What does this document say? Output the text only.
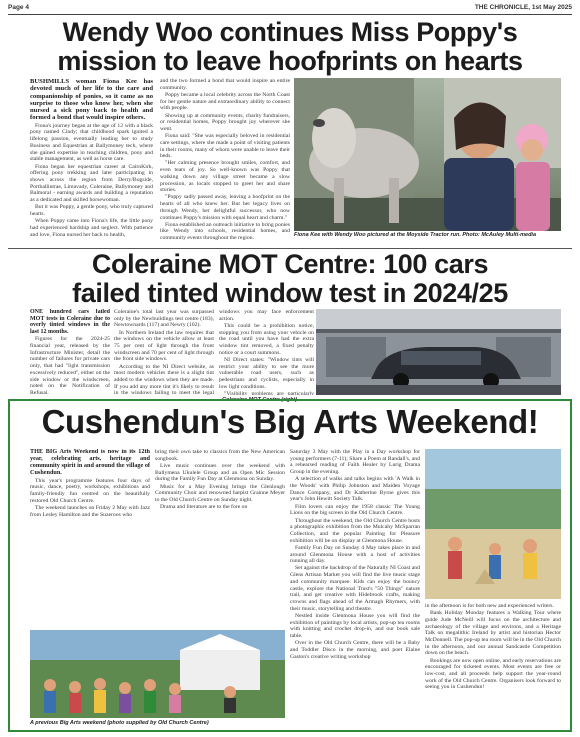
Page 4	THE CHRONICLE, 1st May 2025
Wendy Woo continues Miss Poppy's
mission to leave hoofprints on hearts

BUSHMILLS woman Fiona Kee has devoted much of her life to the care and companionship of ponies, so it came as no surprise to those who know her, when she nursed a sick pony back to health and formed a bond that would inspire others.

Fiona's journey began at the age of 12 with a black pony named Cindy; that childhood spark ignited a lifelong passion, eventually leading her to study Business and Equestrian at Ballymoney tech, where she gained expertise in teaching children, pony and stable management, as well as horse care.

Fiona began her equestrian career at CairnKirk, offering pony trekking and later participating in shows across the region from Derry/Bogside, Portballintrae, Limavady, Coleraine, Ballymoney and Balmoral - earning awards and building a reputation as a dedicated and skilled horsewoman.

But it was Poppy, a gentle pony, who truly captured hearts.

When Poppy came into Fiona's life, the little pony had experienced hardship and neglect. With patience and love, Fiona nursed her back to health,

and the two formed a bond that would inspire an entire community.

Poppy became a local celebrity across the North Coast for her gentle nature and extraordinary ability to connect with people.

Showing up at community events, charity fundraisers, or residential homes, Poppy brought joy wherever she went.

Fiona said: "She was especially beloved in residential care settings, where she made a point of visiting patients in their rooms, many of whom were unable to leave their beds.

"Her calming presence brought smiles, comfort, and even tears of joy. So well-known was Poppy that walking down any village street became a slow procession, as locals stopped to greet her and share stories.

"Poppy sadly passed away, leaving a hoofprint on the hearts of all who knew her. But her legacy lives on through Wendy, her delightful successor, who now continues Poppy's mission with equal heart and charm."

Fiona established an outreach initiative to bring ponies like Wendy into schools, residential homes, and community events throughout the region.

Fiona Kee with Wendy Woo pictured at the Moyside Tractor run. Photo: McAuley Multi-media
Coleraine MOT Centre: 100 cars
failed tinted window test in 2024/25

ONE hundred cars failed MOT tests in Coleraine due to overly tinted windows in the last 12 months.

Figures for the 2024-25 financial year, released by the Infrastructure Minister, detail the number of failures for private cars only, that had "light transmission excessively reduced", either on the side window or the windscreen, noted on the Notification of Refusal.

Coleraine's total last year was surpassed only by the Newbuildings test centre (183), Newtownards (117) and Newry (102).

In Northern Ireland the law requires that the windows on the vehicle allow at least 75 per cent of light through the front windscreen and 70 per cent of light through the front side windows.

According to the NI Direct website, as most modern vehicles there is a slight tint added to the windows when they are made. If you add any more tint it's likely to result in the windows failing to meet the legal

windows you may face enforcement action.

This could be a prohibition notice, stopping you from using your vehicle on the road until you have had the extra window tint removed, a fixed penalty notice or a court summons.

NI Direct states: "Window tints will restrict your ability to see the more vulnerable road users, such as pedestrians and cyclists, especially in low light conditions.

"Visibility problems are particularly

Coleraine MOT Centre (right)
Cushendun's Big Arts Weekend!

THE BIG Arts Weekend is now in its 12th year, celebrating arts, heritage and community spirit in and around the village of Cushendun.

This year's programme features four days of music, dance, poetry, workshops, exhibitions and family-friendly fun centred on the beautifully restored Old Church Centre.

The weekend launches on Friday 2 May with Jazz from Lesley Hamilton and the Suzeroos who

bring their own take to classics from the New American songbook.

Live music continues over the weekend with Ballymena Ukulele Group and an Open Mic Session during the Family Fun Day at Glenmona on Sunday.

Music for a May Evening brings the Glenlough Community Choir and renowned harpist Grainne Meyer to the Old Church Centre on Sunday night.

Drama and literature are to the fore on

Saturday 3 May with the Play in a Day workshop for young performers (7-11); Share a Poem at Randall's, and a rehearsed reading of Faith Healer by Lurig Drama Group in the evening.

A selection of walks and talks begins with 'A Walk in the Woods' with Philip Johnston and Maiden Voyage Dance Company, and Dr Katherine Byrne gives this year's John Hewitt Society Talk.

Film lovers can enjoy the 1958 classic The Young Lions on the big screen in the Old Church Centre.

Throughout the weekend, the Old Church Centre hosts a photographic exhibition from the Mulcahy McSparran Collection, and the popular Painting for Pleasure exhibition will be on display at Glenmona House.

Family Fun Day on Sunday 4 May takes place in and around Glenmona House with a host of activities running all day.

Set against the backdrop of the Naturally NI Coast and Glens Artisan Market you will find the live music stage and community marquee. Kids can enjoy the bouncy castle, explore the National Trust's "50 Things" nature trail, and get creative with Hidebrook crafts, making crowns and flags ahead of the Armagh Rhymers, with their music, storytelling and theatre.

Nestled inside Glenmona House you will find the exhibition of paintings by local artists, pop-up tea rooms with knitting and crochet drop-in, and our book sale table.

Over in the Old Church Centre, there will be a Baby and Toddler Disco in the morning, and poet Elaine Gaston's creative writing workshop

in the afternoon is for both new and experienced writers.

Bank Holiday Monday features a Walking Tour where guide Jude McNeill will focus on the architecture and archaeology of the village and environs, and a Heritage Talk on megalithic Ireland by artist and historian Hector McDonnell. The pop-up tea room will be in the Old Church in the afternoon, and our annual Sandcastle Competition down on the beach.

Bookings are now open online, and early reservations are encouraged for ticketed events. Most events are free or low-cost, and all proceeds help support the year-round work of the Old Church Centre. Organisers look forward to seeing you in Cushendun!

A previous Big Arts weekend (photo supplied by Old Church Centre)
